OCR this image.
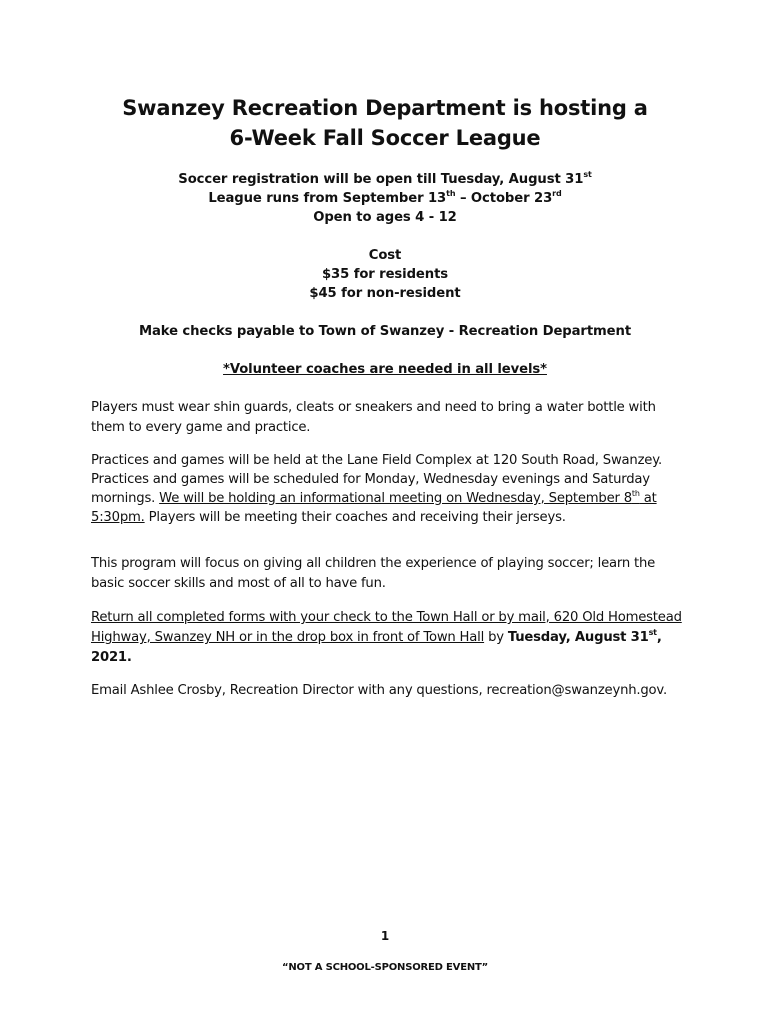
Swanzey Recreation Department is hosting a
6-Week Fall Soccer League
Soccer registration will be open till Tuesday, August 31st
League runs from September 13th – October 23rd
Open to ages 4 - 12
Cost
$35 for residents
$45 for non-resident
Make checks payable to Town of Swanzey - Recreation Department
*Volunteer coaches are needed in all levels*
Players must wear shin guards, cleats or sneakers and need to bring a water bottle with them to every game and practice.
Practices and games will be held at the Lane Field Complex at 120 South Road, Swanzey. Practices and games will be scheduled for Monday, Wednesday evenings and Saturday mornings. We will be holding an informational meeting on Wednesday, September 8th at 5:30pm. Players will be meeting their coaches and receiving their jerseys.
This program will focus on giving all children the experience of playing soccer; learn the basic soccer skills and most of all to have fun.
Return all completed forms with your check to the Town Hall or by mail, 620 Old Homestead Highway, Swanzey NH or in the drop box in front of Town Hall by Tuesday, August 31st, 2021.
Email Ashlee Crosby, Recreation Director with any questions, recreation@swanzeynh.gov.
1
“NOT A SCHOOL-SPONSORED EVENT”
